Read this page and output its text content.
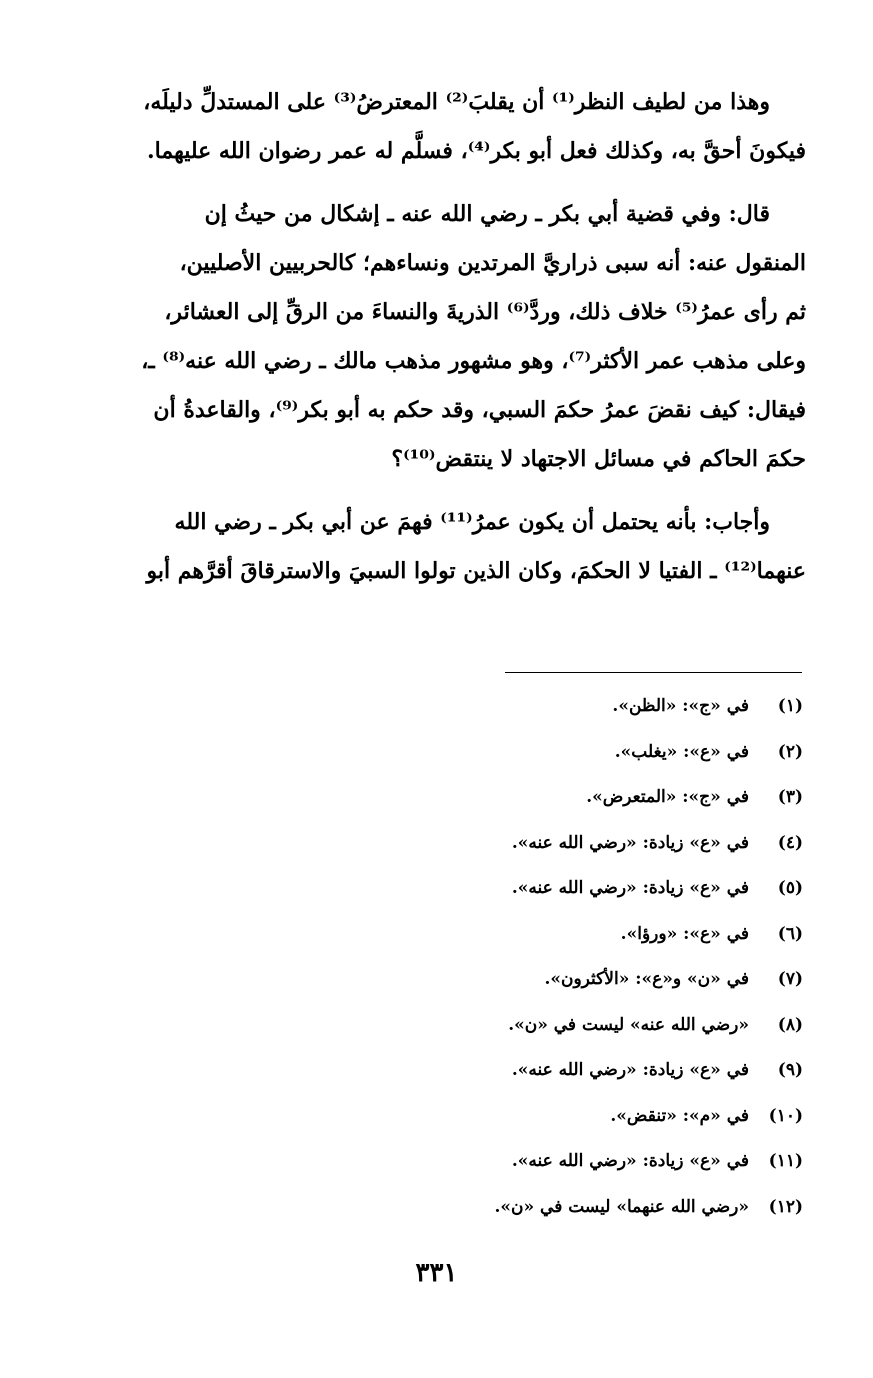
وهذا من لطيف النظر⁽¹⁾ أن يقلبَ⁽²⁾ المعترضُ⁽³⁾ على المستدلِّ دليلَه،
فيكونَ أحقَّ به، وكذلك فعل أبو بكر⁽⁴⁾، فسلَّم له عمر رضوان الله عليهما.

قال: وفي قضية أبي بكر ـ رضي الله عنه ـ إشكال من حيثُ إن
المنقول عنه: أنه سبى ذراريَّ المرتدين ونساءهم؛ كالحربيين الأصليين،
ثم رأى عمرُ⁽⁵⁾ خلاف ذلك، وردَّ⁽⁶⁾ الذريةَ والنساءَ من الرقِّ إلى العشائر،
وعلى مذهب عمر الأكثر⁽⁷⁾، وهو مشهور مذهب مالك ـ رضي الله عنه⁽⁸⁾ ـ،
فيقال: كيف نقضَ عمرُ حكمَ السبي، وقد حكم به أبو بكر⁽⁹⁾، والقاعدةُ أن
حكمَ الحاكم في مسائل الاجتهاد لا ينتقض⁽¹⁰⁾؟

وأجاب: بأنه يحتمل أن يكون عمرُ⁽¹¹⁾ فهمَ عن أبي بكر ـ رضي الله
عنهما⁽¹²⁾ ـ الفتيا لا الحكمَ، وكان الذين تولوا السبيَ والاسترقاقَ أقرَّهم أبو

(١)في «ج»: «الظن».
(٢)في «ع»: «يغلب».
(٣)في «ج»: «المتعرض».
(٤)في «ع» زيادة: «رضي الله عنه».
(٥)في «ع» زيادة: «رضي الله عنه».
(٦)في «ع»: «ورؤا».
(٧)في «ن» و«ع»: «الأكثرون».
(٨)«رضي الله عنه» ليست في «ن».
(٩)في «ع» زيادة: «رضي الله عنه».
(١٠)في «م»: «تنقض».
(١١)في «ع» زيادة: «رضي الله عنه».
(١٢)«رضي الله عنهما» ليست في «ن».
٣٣١
